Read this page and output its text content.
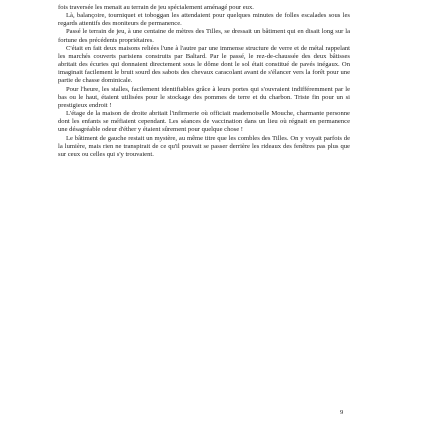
fois traversée les menait au terrain de jeu spécialement aménagé pour eux.

Là, balançoire, tourniquet et toboggan les attendaient pour quelques minutes de folles escalades sous les regards attentifs des moniteurs de permanence.

Passé le terrain de jeu, à une centaine de mètres des Tilles, se dressait un bâtiment qui en disait long sur la fortune des précédents propriétaires.

C'était en fait deux maisons reliées l'une à l'autre par une immense structure de verre et de métal rappelant les marchés couverts parisiens construits par Baltard. Par le passé, le rez-de-chaussée des deux bâtisses abritait des écuries qui donnaient directement sous le dôme dont le sol était constitué de pavés inégaux. On imaginait facilement le bruit sourd des sabots des chevaux caracolant avant de s'élancer vers la forêt pour une partie de chasse dominicale.

Pour l'heure, les stalles, facilement identifiables grâce à leurs portes qui s'ouvraient indifféremment par le bas ou le haut, étaient utilisées pour le stockage des pommes de terre et du charbon. Triste fin pour un si prestigieux endroit !

L'étage de la maison de droite abritait l'infirmerie où officiait mademoiselle Mouche, charmante personne dont les enfants se méfiaient cependant. Les séances de vaccination dans un lieu où régnait en permanence une désagréable odeur d'éther y étaient sûrement pour quelque chose !

Le bâtiment de gauche restait un mystère, au même titre que les combles des Tilles. On y voyait parfois de la lumière, mais rien ne transpirait de ce qu'il pouvait se passer derrière les rideaux des fenêtres pas plus que sur ceux ou celles qui s'y trouvaient.

9
